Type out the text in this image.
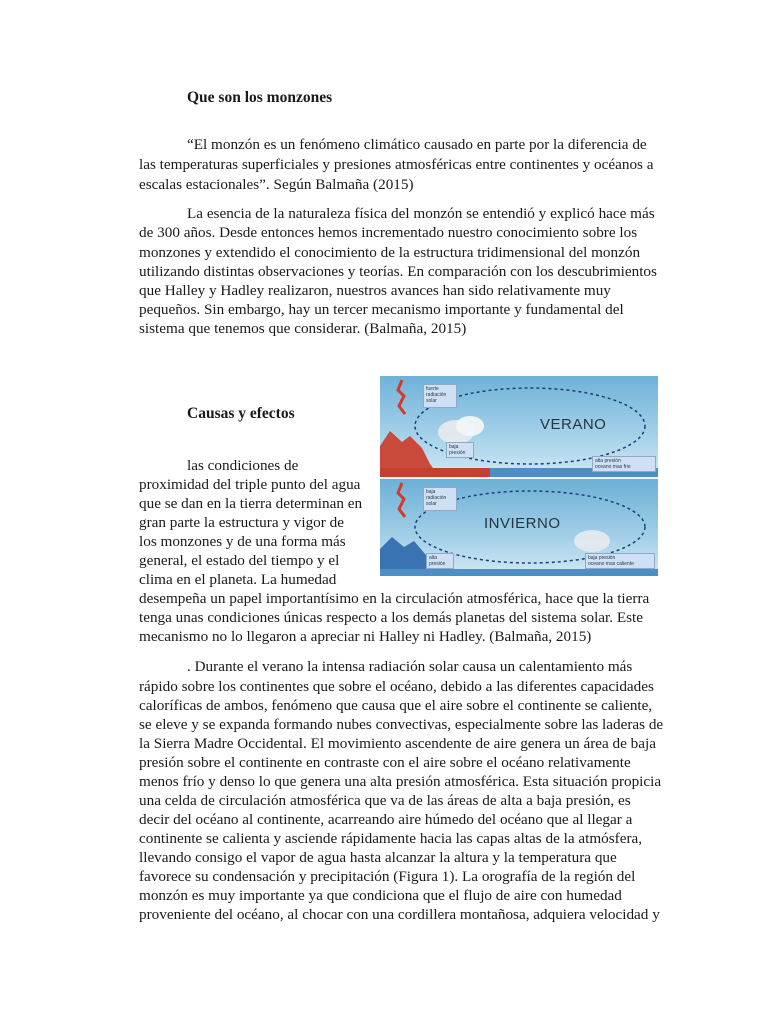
Que son los monzones
“El monzón es un fenómeno climático causado en parte por la diferencia de
las temperaturas superficiales y presiones atmosféricas entre continentes y océanos a
escalas estacionales”. Según Balmaña (2015)
La esencia de la naturaleza física del monzón se entendió y explicó hace más
de 300 años. Desde entonces hemos incrementado nuestro conocimiento sobre los
monzones y extendido el conocimiento de la estructura tridimensional del monzón
utilizando distintas observaciones y teorías. En comparación con los descubrimientos
que Halley y Hadley realizaron, nuestros avances han sido relativamente muy
pequeños. Sin embargo, hay un tercer mecanismo importante y fundamental del
sistema que tenemos que considerar. (Balmaña, 2015)
Causas y efectos
fuerte
radiación
solar
baja
presión
alta presión
oceano mas frio
VERANO
baja
radiación
solar
alta
presión
baja presión
oceano mas caliente
INVIERNO
las condiciones de
proximidad del triple punto del agua
que se dan en la tierra determinan en
gran parte la estructura y vigor de
los monzones y de una forma más
general, el estado del tiempo y el
clima en el planeta. La humedad
desempeña un papel importantísimo en la circulación atmosférica, hace que la tierra
tenga unas condiciones únicas respecto a los demás planetas del sistema solar. Este
mecanismo no lo llegaron a apreciar ni Halley ni Hadley. (Balmaña, 2015)
. Durante el verano la intensa radiación solar causa un calentamiento más
rápido sobre los continentes que sobre el océano, debido a las diferentes capacidades
caloríficas de ambos, fenómeno que causa que el aire sobre el continente se caliente,
se eleve y se expanda formando nubes convectivas, especialmente sobre las laderas de
la Sierra Madre Occidental. El movimiento ascendente de aire genera un área de baja
presión sobre el continente en contraste con el aire sobre el océano relativamente
menos frío y denso lo que genera una alta presión atmosférica. Esta situación propicia
una celda de circulación atmosférica que va de las áreas de alta a baja presión, es
decir del océano al continente, acarreando aire húmedo del océano que al llegar a
continente se calienta y asciende rápidamente hacia las capas altas de la atmósfera,
llevando consigo el vapor de agua hasta alcanzar la altura y la temperatura que
favorece su condensación y precipitación (Figura 1). La orografía de la región del
monzón es muy importante ya que condiciona que el flujo de aire con humedad
proveniente del océano, al chocar con una cordillera montañosa, adquiera velocidad y
